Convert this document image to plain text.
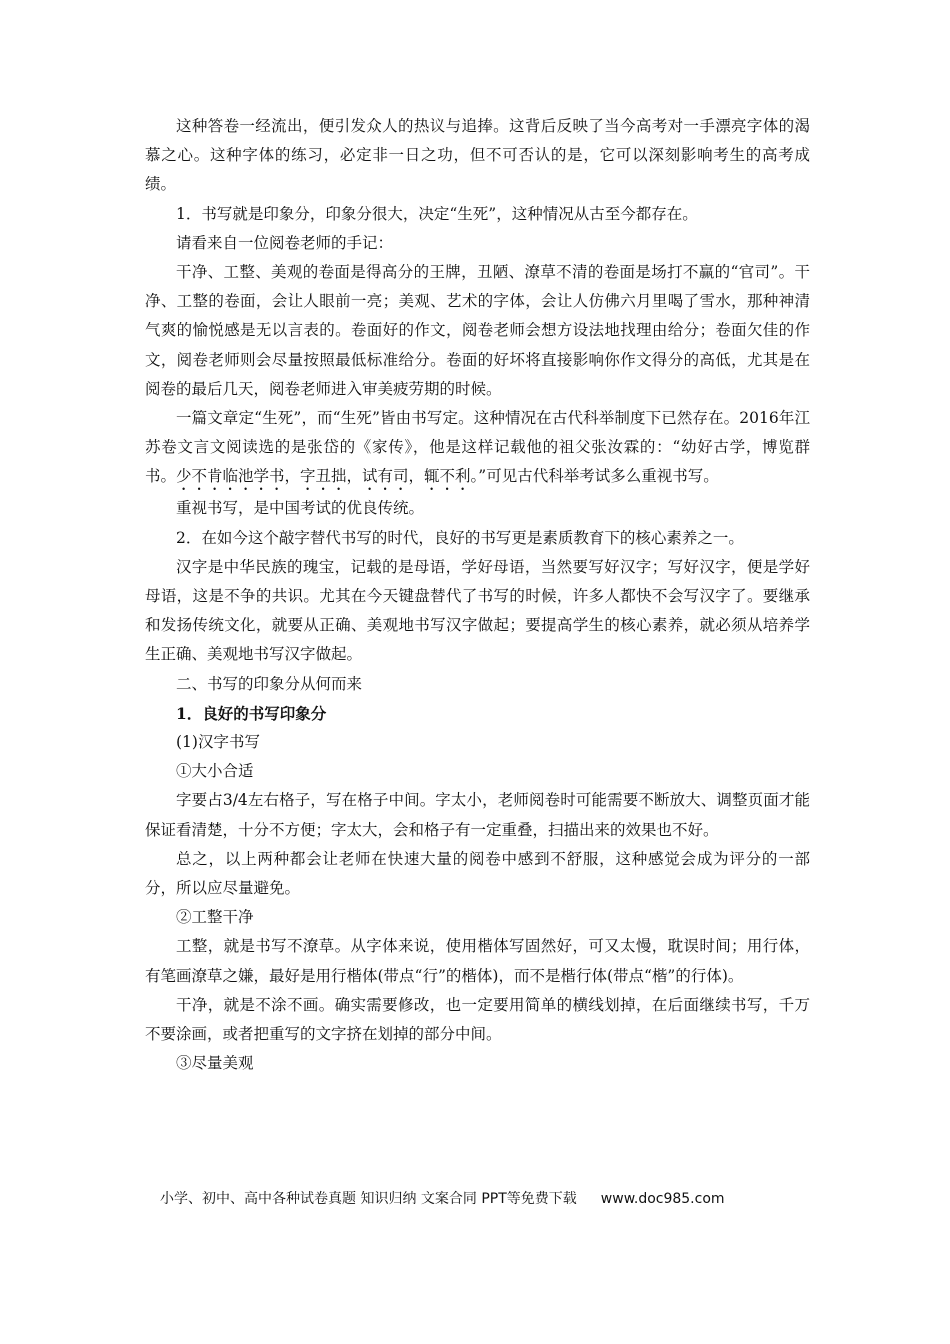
这种答卷一经流出，便引发众人的热议与追捧。这背后反映了当今高考对一手漂亮字体的渴慕之心。这种字体的练习，必定非一日之功，但不可否认的是，它可以深刻影响考生的高考成绩。

1．书写就是印象分，印象分很大，决定“生死”，这种情况从古至今都存在。

请看来自一位阅卷老师的手记：

干净、工整、美观的卷面是得高分的王牌，丑陋、潦草不清的卷面是场打不赢的“官司”。干净、工整的卷面，会让人眼前一亮；美观、艺术的字体，会让人仿佛六月里喝了雪水，那种神清气爽的愉悦感是无以言表的。卷面好的作文，阅卷老师会想方设法地找理由给分；卷面欠佳的作文，阅卷老师则会尽量按照最低标准给分。卷面的好坏将直接影响你作文得分的高低，尤其是在阅卷的最后几天，阅卷老师进入审美疲劳期的时候。

一篇文章定“生死”，而“生死”皆由书写定。这种情况在古代科举制度下已然存在。2016年江苏卷文言文阅读选的是张岱的《家传》，他是这样记载他的祖父张汝霖的：“幼好古学，博览群书。少不肯临池学书，字丑拙，试有司，辄不利。”可见古代科举考试多么重视书写。

重视书写，是中国考试的优良传统。

2．在如今这个敲字替代书写的时代，良好的书写更是素质教育下的核心素养之一。

汉字是中华民族的瑰宝，记载的是母语，学好母语，当然要写好汉字；写好汉字，便是学好母语，这是不争的共识。尤其在今天键盘替代了书写的时候，许多人都快不会写汉字了。要继承和发扬传统文化，就要从正确、美观地书写汉字做起；要提高学生的核心素养，就必须从培养学生正确、美观地书写汉字做起。

二、书写的印象分从何而来

1．良好的书写印象分

(1)汉字书写

①大小合适

字要占3/4左右格子，写在格子中间。字太小，老师阅卷时可能需要不断放大、调整页面才能保证看清楚，十分不方便；字太大，会和格子有一定重叠，扫描出来的效果也不好。

总之，以上两种都会让老师在快速大量的阅卷中感到不舒服，这种感觉会成为评分的一部分，所以应尽量避免。

②工整干净

工整，就是书写不潦草。从字体来说，使用楷体写固然好，可又太慢，耽误时间；用行体，有笔画潦草之嫌，最好是用行楷体(带点“行”的楷体)，而不是楷行体(带点“楷”的行体)。

干净，就是不涂不画。确实需要修改，也一定要用简单的横线划掉，在后面继续书写，千万不要涂画，或者把重写的文字挤在划掉的部分中间。

③尽量美观

小学、初中、高中各种试卷真题 知识归纳 文案合同 PPT等免费下载 www.doc985.com
